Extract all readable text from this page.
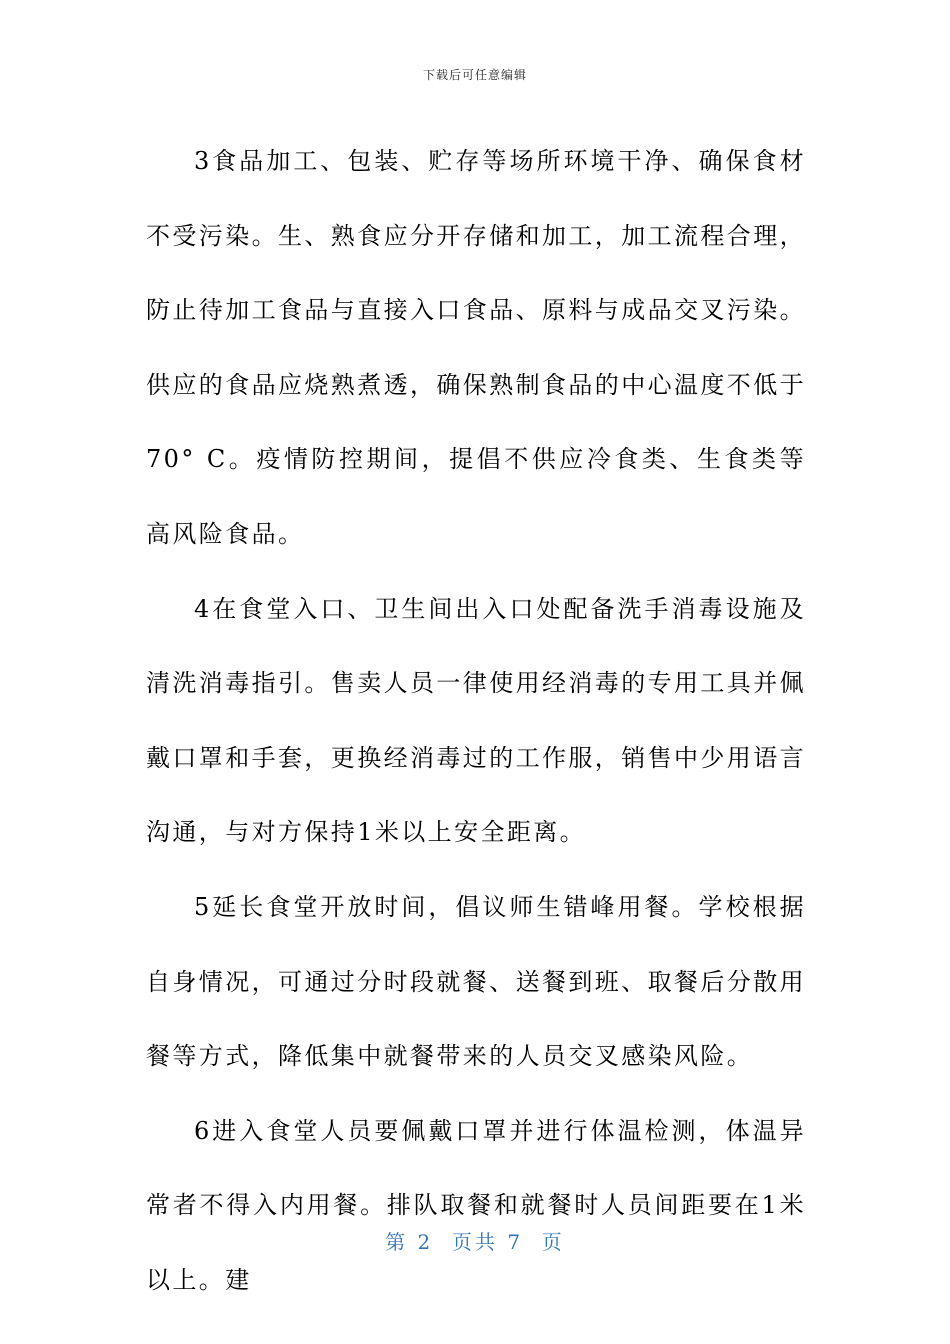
下载后可任意编辑

3食品加工、包装、贮存等场所环境干净、确保食材不受污染。生、熟食应分开存储和加工，加工流程合理，防止待加工食品与直接入口食品、原料与成品交叉污染。供应的食品应烧熟煮透，确保熟制食品的中心温度不低于70° C。疫情防控期间，提倡不供应冷食类、生食类等高风险食品。

4在食堂入口、卫生间出入口处配备洗手消毒设施及清洗消毒指引。售卖人员一律使用经消毒的专用工具并佩戴口罩和手套，更换经消毒过的工作服，销售中少用语言沟通，与对方保持1米以上安全距离。

5延长食堂开放时间，倡议师生错峰用餐。学校根据自身情况，可通过分时段就餐、送餐到班、取餐后分散用餐等方式，降低集中就餐带来的人员交叉感染风险。

6进入食堂人员要佩戴口罩并进行体温检测，体温异常者不得入内用餐。排队取餐和就餐时人员间距要在1米以上。建

第 2  页共 7  页
